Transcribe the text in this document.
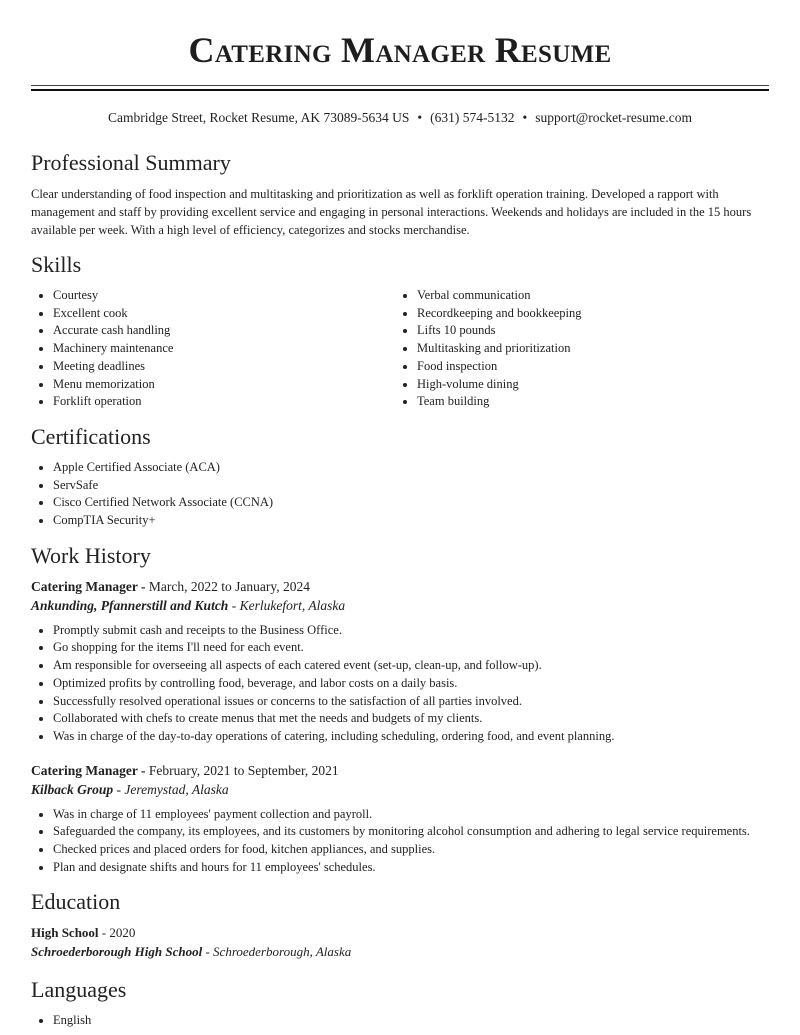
Catering Manager Resume
Cambridge Street, Rocket Resume, AK 73089-5634 US • (631) 574-5132 • support@rocket-resume.com
Professional Summary

Clear understanding of food inspection and multitasking and prioritization as well as forklift operation training. Developed a rapport with management and staff by providing excellent service and engaging in personal interactions. Weekends and holidays are included in the 15 hours available per week. With a high level of efficiency, categorizes and stocks merchandise.

Skills
• Courtesy
• Excellent cook
• Accurate cash handling
• Machinery maintenance
• Meeting deadlines
• Menu memorization
• Forklift operation
• Verbal communication
• Recordkeeping and bookkeeping
• Lifts 10 pounds
• Multitasking and prioritization
• Food inspection
• High-volume dining
• Team building
Certifications
• Apple Certified Associate (ACA)
• ServSafe
• Cisco Certified Network Associate (CCNA)
• CompTIA Security+
Work History
Catering Manager - March, 2022 to January, 2024
Ankunding, Pfannerstill and Kutch - Kerlukefort, Alaska
• Promptly submit cash and receipts to the Business Office.
• Go shopping for the items I'll need for each event.
• Am responsible for overseeing all aspects of each catered event (set-up, clean-up, and follow-up).
• Optimized profits by controlling food, beverage, and labor costs on a daily basis.
• Successfully resolved operational issues or concerns to the satisfaction of all parties involved.
• Collaborated with chefs to create menus that met the needs and budgets of my clients.
• Was in charge of the day-to-day operations of catering, including scheduling, ordering food, and event planning.
Catering Manager - February, 2021 to September, 2021
Kilback Group - Jeremystad, Alaska
• Was in charge of 11 employees' payment collection and payroll.
• Safeguarded the company, its employees, and its customers by monitoring alcohol consumption and adhering to legal service requirements.
• Checked prices and placed orders for food, kitchen appliances, and supplies.
• Plan and designate shifts and hours for 11 employees' schedules.
Education
High School - 2020
Schroederborough High School - Schroederborough, Alaska
Languages
• English
